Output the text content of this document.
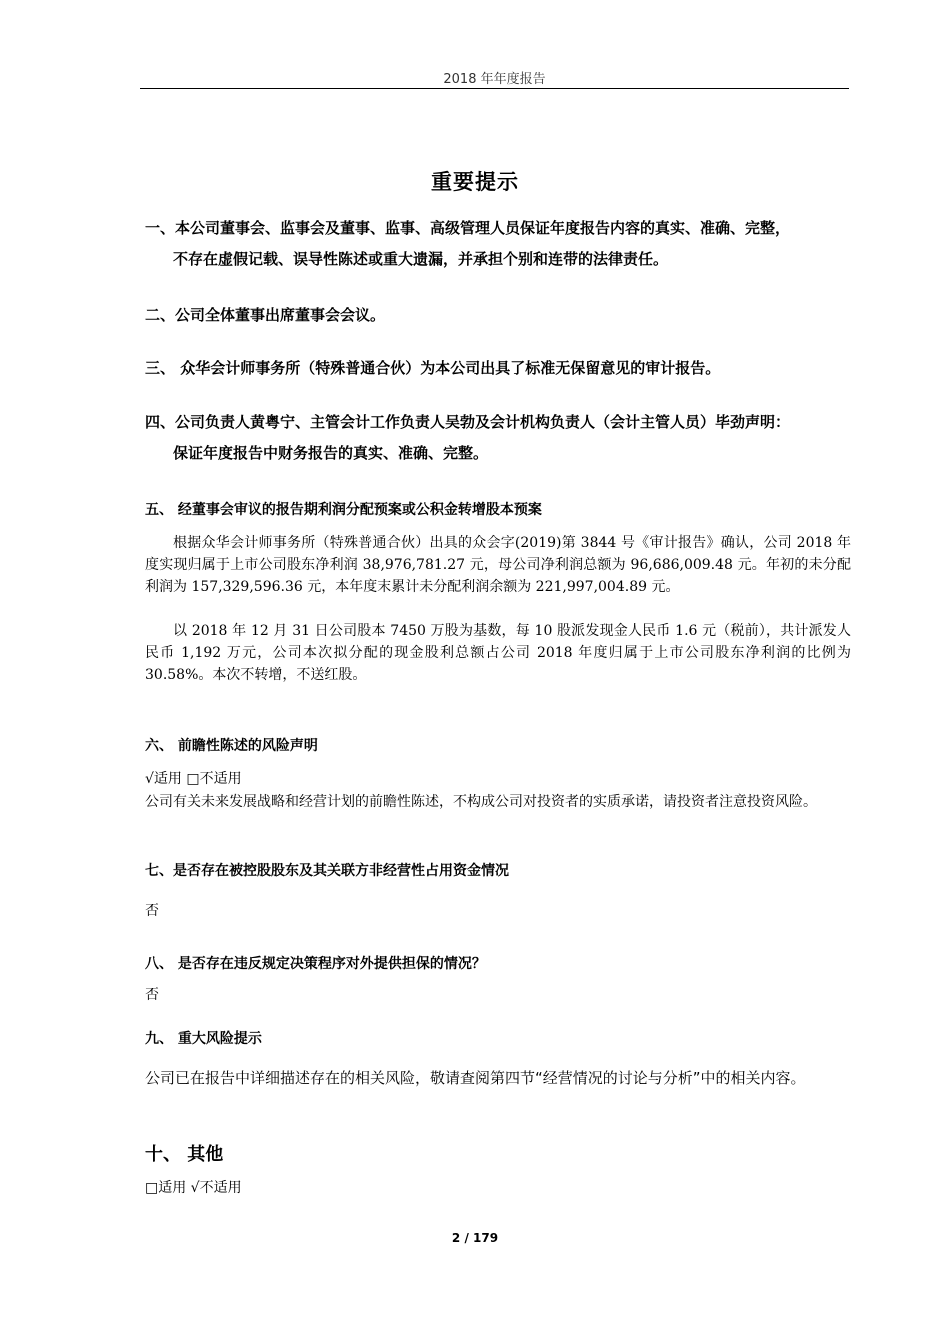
2018 年年度报告
重要提示
一、本公司董事会、监事会及董事、监事、高级管理人员保证年度报告内容的真实、准确、完整，
不存在虚假记载、误导性陈述或重大遗漏，并承担个别和连带的法律责任。
二、公司全体董事出席董事会会议。
三、 众华会计师事务所（特殊普通合伙）为本公司出具了标准无保留意见的审计报告。
四、公司负责人黄粤宁、主管会计工作负责人吴勃及会计机构负责人（会计主管人员）毕劲声明：
保证年度报告中财务报告的真实、准确、完整。
五、 经董事会审议的报告期利润分配预案或公积金转增股本预案
根据众华会计师事务所（特殊普通合伙）出具的众会字(2019)第 3844 号《审计报告》确认，公司 2018 年度实现归属于上市公司股东净利润 38,976,781.27 元，母公司净利润总额为 96,686,009.48 元。年初的未分配利润为 157,329,596.36 元，本年度末累计未分配利润余额为 221,997,004.89 元。
以 2018 年 12 月 31 日公司股本 7450 万股为基数，每 10 股派发现金人民币 1.6 元（税前），共计派发人民币 1,192 万元，公司本次拟分配的现金股利总额占公司 2018 年度归属于上市公司股东净利润的比例为 30.58%。本次不转增，不送红股。
六、 前瞻性陈述的风险声明
√适用 □不适用
公司有关未来发展战略和经营计划的前瞻性陈述，不构成公司对投资者的实质承诺，请投资者注意投资风险。
七、是否存在被控股股东及其关联方非经营性占用资金情况
否
八、 是否存在违反规定决策程序对外提供担保的情况？
否
九、 重大风险提示
公司已在报告中详细描述存在的相关风险，敬请查阅第四节“经营情况的讨论与分析”中的相关内容。
十、 其他
□适用 √不适用
2 / 179
